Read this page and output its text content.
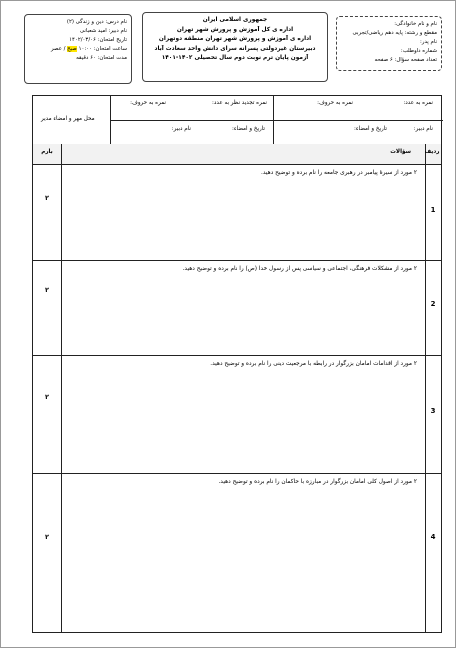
نام و نام خانوادگی:
مقطع و رشته: پایه دهم ریاضی/تجربی
نام پدر:
شماره داوطلب:
تعداد صفحه سؤال: ۶ صفحه
جمهوری اسلامی ایران
اداره ی کل آموزش و پرورش شهر تهران
اداره ی آموزش و پرورش شهر تهران منطقه دوتهران
دبیرستان غیردولتی پسرانه سرای دانش واحد سعادت آباد
آزمون پایان ترم نوبت دوم سال تحصیلی ۱۴۰۲-۱۴۰۱
نام درس: دین و زندگی (۲)
نام دبیر: امید شعبانی
تاریخ امتحان: ۱۴۰۲/۰۳/۰۶
ساعت امتحان: ۱۰:۰۰ صبح / عصر
مدت امتحان: ۶۰ دقیقه
نمره به عدد:
نمره به حروف:
نام دبیر:
تاریخ و امضاء:
نمره تجدید نظر به عدد:
نمره به حروف:
نام دبیر:	تاریخ و امضاء:
محل مهر و امضاء مدیر
ردیف
سؤالات
بارم
۲ مورد از سیرهٔ پیامبر در رهبری جامعه را نام برده و توضیح دهید.
1
۲
۲ مورد از مشکلات فرهنگی، اجتماعی و سیاسی پس از رسول خدا (ص) را نام برده و توضیح دهید.
2
۲
۲ مورد از اقدامات امامان بزرگوار در رابطه با مرجعیت دینی را نام برده و توضیح دهید.
3
۲
۲ مورد از اصول کلی امامان بزرگوار در مبارزه با حاکمان را نام برده و توضیح دهید.
4
۲
